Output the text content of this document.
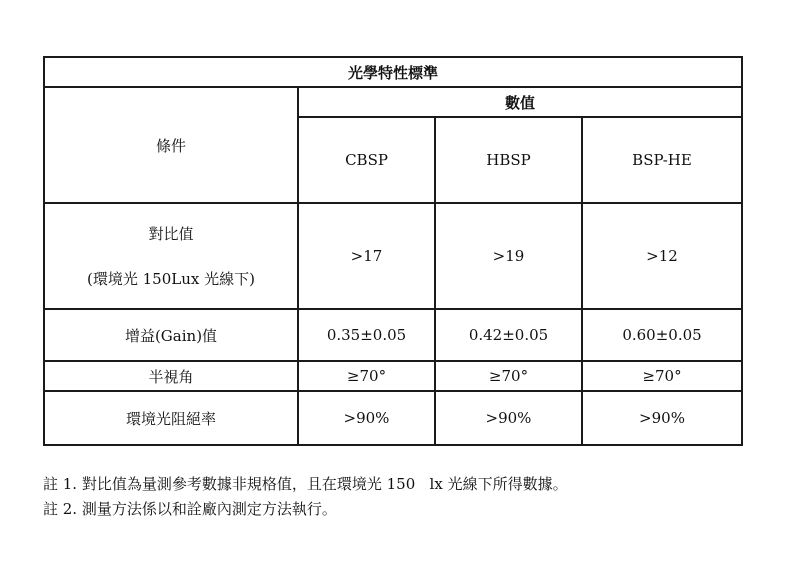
光學特性標準			
條件	數值		
	CBSP	HBSP	BSP-HE

對比值
(環境光 150Lux 光線下)	>17	>19	>12
增益(Gain)值	0.35±0.05	0.42±0.05	0.60±0.05
半視角	≥70°	≥70°	≥70°
環境光阻絕率	>90%	>90%	>90%
註 1. 對比值為量測參考數據非規格值，且在環境光 150   lx 光線下所得數據。
註 2. 測量方法係以和詮廠內測定方法執行。
